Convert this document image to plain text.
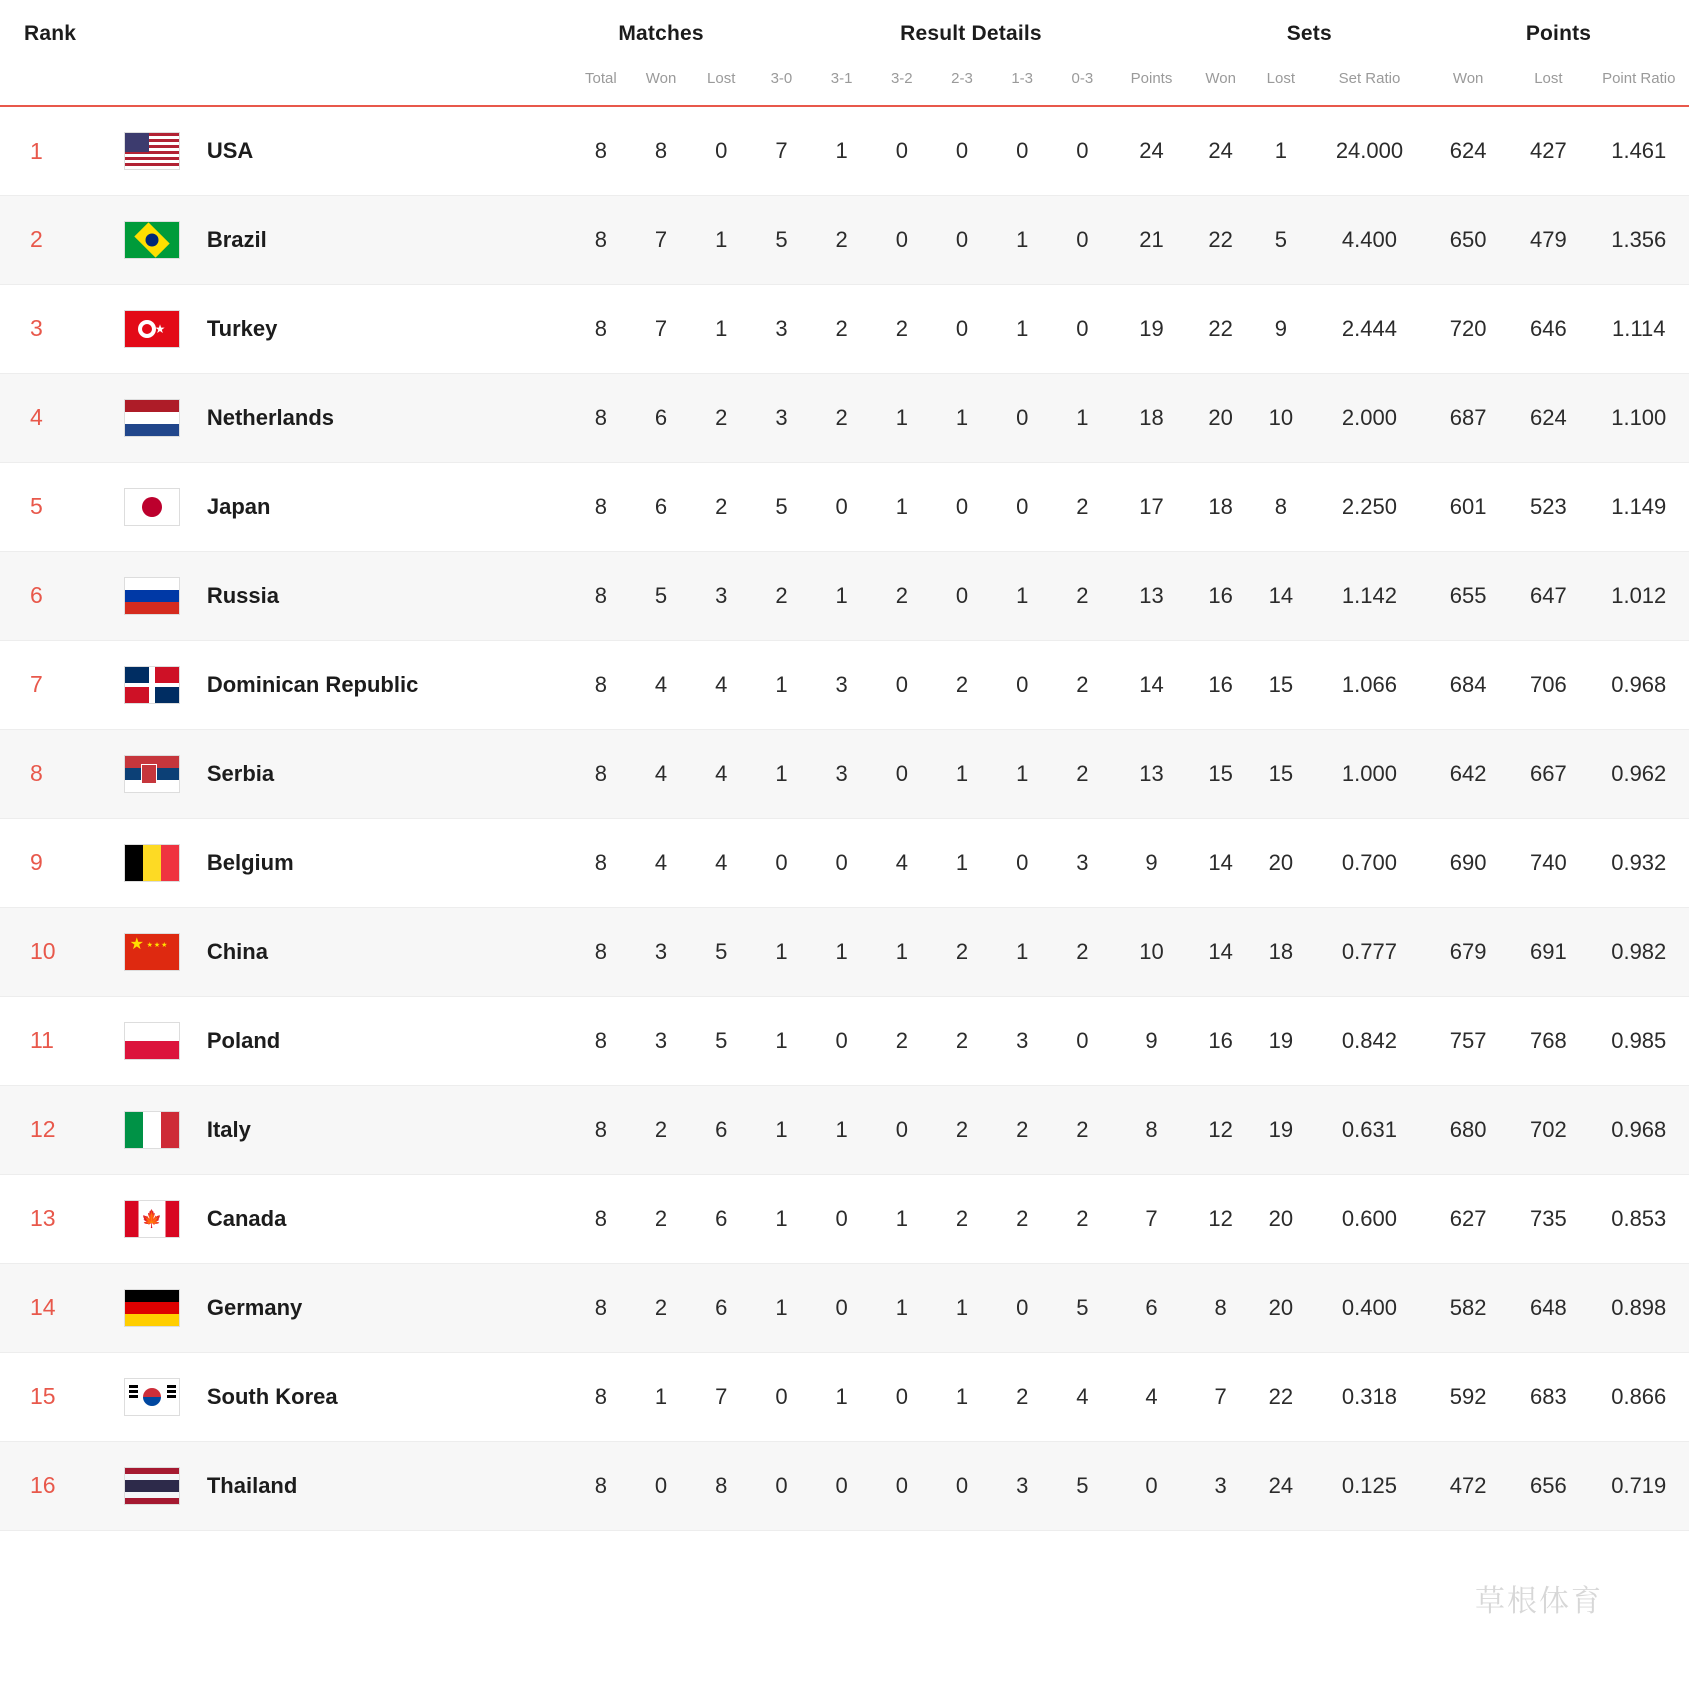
Rank			Matches			Result Details							Sets			Points		
			Total	Won	Lost	3-0	3-1	3-2	2-3	1-3	0-3	Points	Won	Lost	Set Ratio	Won	Lost	Point Ratio
1		USA	8	8	0	7	1	0	0	0	0	24	24	1	24.000	624	427	1.461
2		Brazil	8	7	1	5	2	0	0	1	0	21	22	5	4.400	650	479	1.356
3	★	Turkey	8	7	1	3	2	2	0	1	0	19	22	9	2.444	720	646	1.114
4		Netherlands	8	6	2	3	2	1	1	0	1	18	20	10	2.000	687	624	1.100
5		Japan	8	6	2	5	0	1	0	0	2	17	18	8	2.250	601	523	1.149
6		Russia	8	5	3	2	1	2	0	1	2	13	16	14	1.142	655	647	1.012
7		Dominican Republic	8	4	4	1	3	0	2	0	2	14	16	15	1.066	684	706	0.968
8		Serbia	8	4	4	1	3	0	1	1	2	13	15	15	1.000	642	667	0.962
9		Belgium	8	4	4	0	0	4	1	0	3	9	14	20	0.700	690	740	0.932
10	★ ★★★	China	8	3	5	1	1	1	2	1	2	10	14	18	0.777	679	691	0.982
11		Poland	8	3	5	1	0	2	2	3	0	9	16	19	0.842	757	768	0.985
12		Italy	8	2	6	1	1	0	2	2	2	8	12	19	0.631	680	702	0.968
13	🍁	Canada	8	2	6	1	0	1	2	2	2	7	12	20	0.600	627	735	0.853
14		Germany	8	2	6	1	0	1	1	0	5	6	8	20	0.400	582	648	0.898
15		South Korea	8	1	7	0	1	0	1	2	4	4	7	22	0.318	592	683	0.866
16		Thailand	8	0	8	0	0	0	0	3	5	0	3	24	0.125	472	656	0.719
草根体育
